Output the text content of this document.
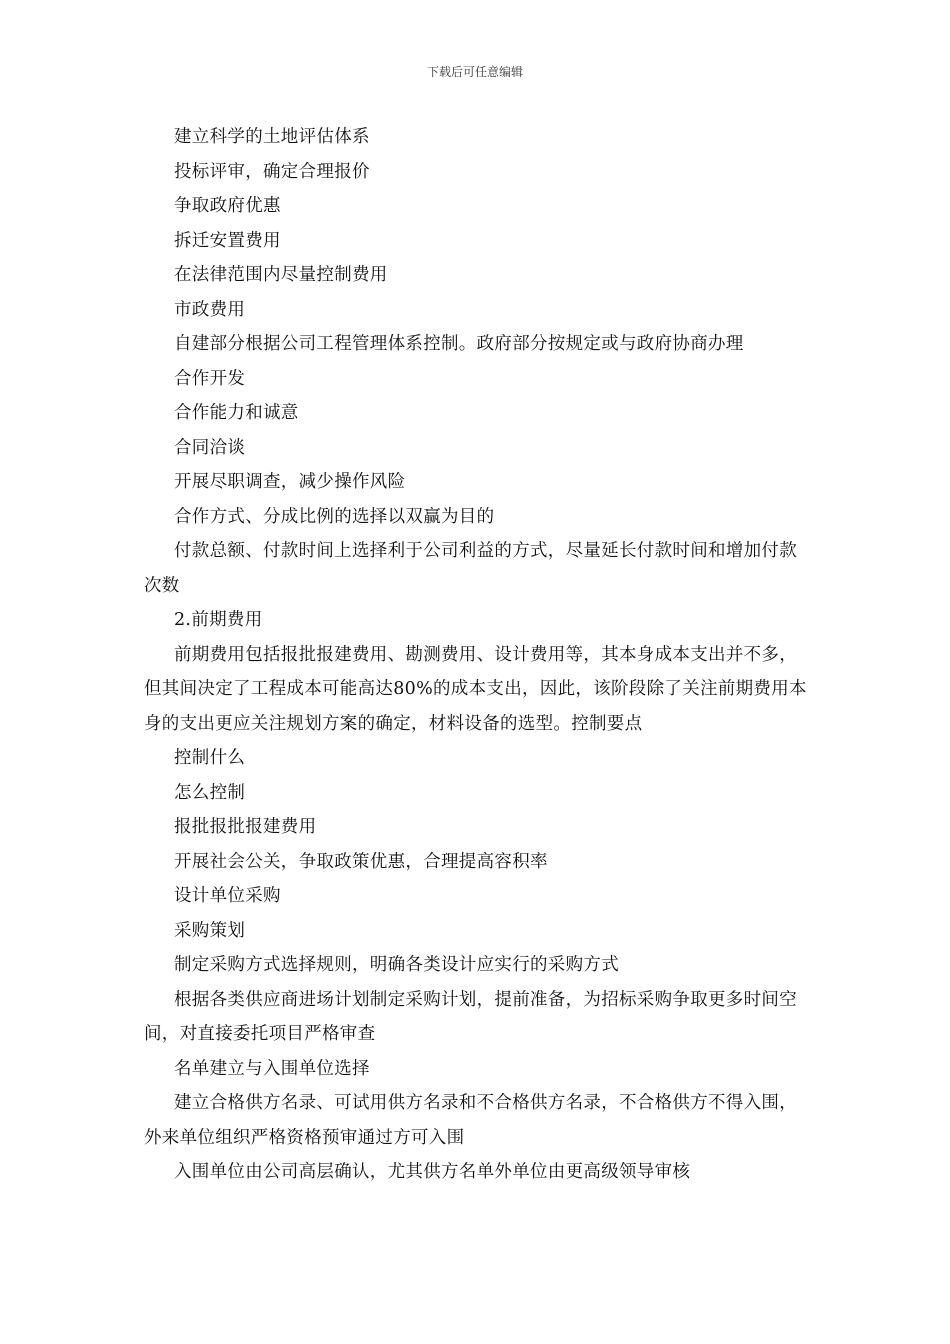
下载后可任意编辑

建立科学的土地评估体系

投标评审，确定合理报价

争取政府优惠

拆迁安置费用

在法律范围内尽量控制费用

市政费用

自建部分根据公司工程管理体系控制。政府部分按规定或与政府协商办理

合作开发

合作能力和诚意

合同洽谈

开展尽职调查，减少操作风险

合作方式、分成比例的选择以双赢为目的

付款总额、付款时间上选择利于公司利益的方式，尽量延长付款时间和增加付款次数

2.前期费用

前期费用包括报批报建费用、勘测费用、设计费用等，其本身成本支出并不多，但其间决定了工程成本可能高达80%的成本支出，因此，该阶段除了关注前期费用本身的支出更应关注规划方案的确定，材料设备的选型。控制要点

控制什么

怎么控制

报批报批报建费用

开展社会公关，争取政策优惠，合理提高容积率

设计单位采购

采购策划

制定采购方式选择规则，明确各类设计应实行的采购方式

根据各类供应商进场计划制定采购计划，提前准备，为招标采购争取更多时间空间，对直接委托项目严格审查

名单建立与入围单位选择

建立合格供方名录、可试用供方名录和不合格供方名录，不合格供方不得入围，外来单位组织严格资格预审通过方可入围

入围单位由公司高层确认，尤其供方名单外单位由更高级领导审核
